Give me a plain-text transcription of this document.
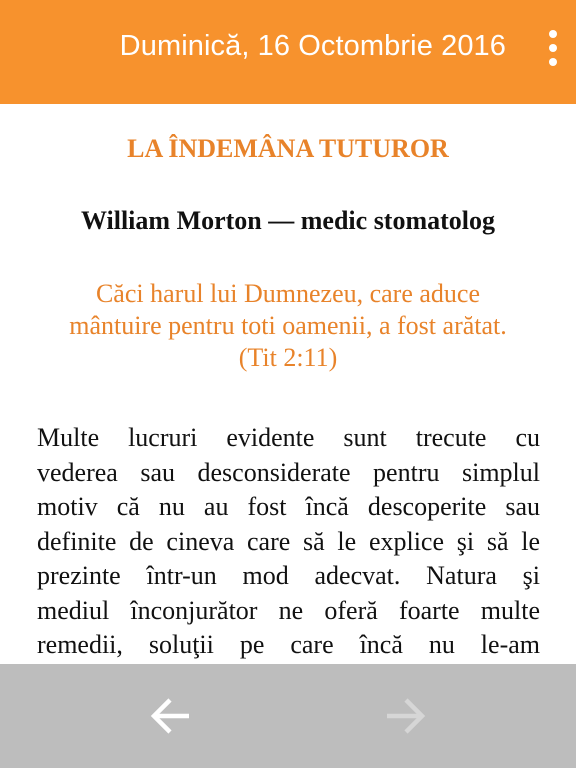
Duminică, 16 Octombrie 2016
LA ÎNDEMÂNA TUTUROR
William Morton — medic stomatolog
Căci harul lui Dumnezeu, care aduce
mântuire pentru toti oamenii, a fost arătat.
(Tit 2:11)
Multe lucruri evidente sunt trecute cu
vederea sau desconsiderate pentru simplul
motiv că nu au fost încă descoperite sau
definite de cineva care să le explice şi să le
prezinte într-un mod adecvat. Natura şi
mediul înconjurător ne oferă foarte multe
remedii, soluţii pe care încă nu le-am
